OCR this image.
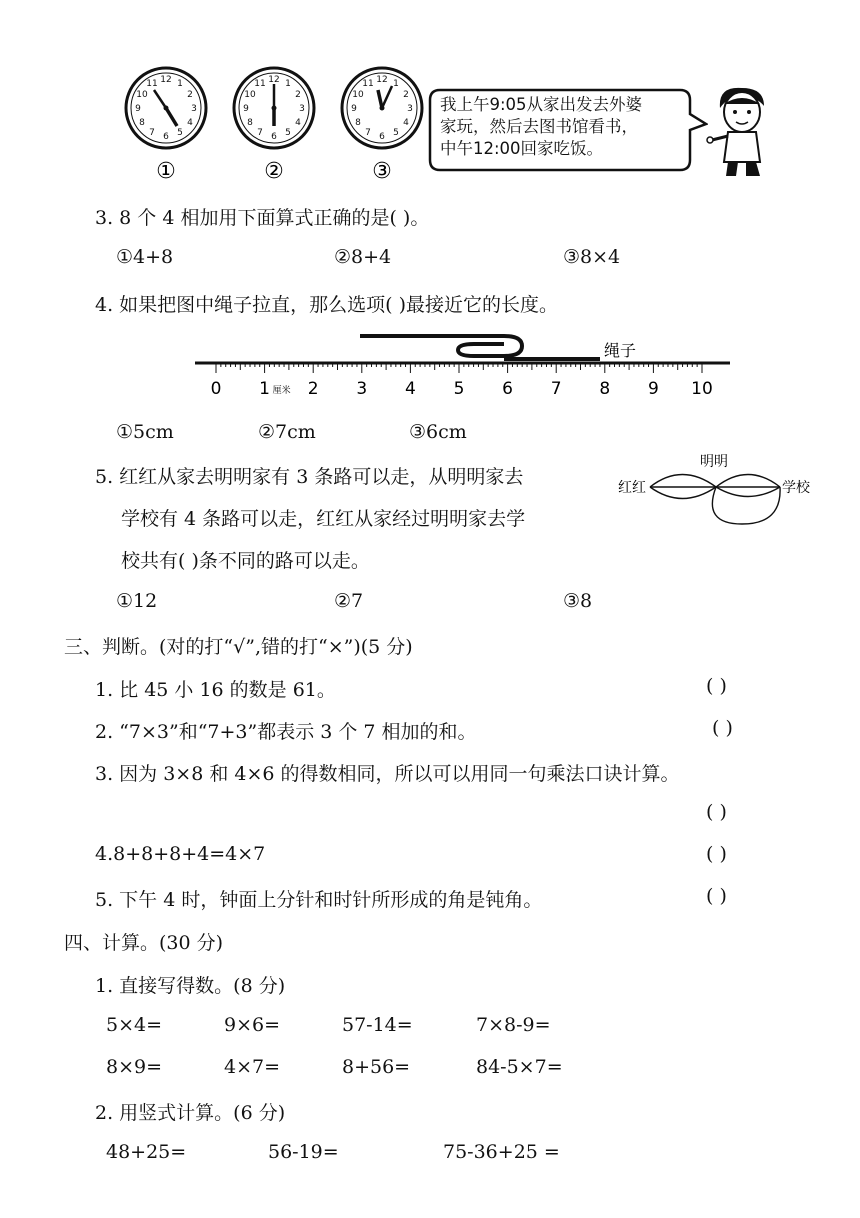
12 1
2
3
4
5
6
7
8
9
10
11	12 1
2
3
4
5
6
7
8
9
10
11	12 1
2
3
4
5
6
7
8
9
10
11
①	②	③
我上午9:05从家出发去外婆
家玩，然后去图书馆看书，
中午12:00回家吃饭。
3. 8 个 4 相加用下面算式正确的是( )。
①4+8	②8+4	③8×4
4. 如果把图中绳子拉直，那么选项( )最接近它的长度。
绳子
0 1 2 3 4 5 6 7 8 9 10
厘米
①5cm	②7cm	③6cm
5. 红红从家去明明家有 3 条路可以走，从明明家去
学校有 4 条路可以走，红红从家经过明明家去学
校共有( )条不同的路可以走。
红红
明明
学校
①12	②7	③8
三、判断。(对的打“√”,错的打“×”)(5 分)
1. 比 45 小 16 的数是 61。	( )
2. “7×3”和“7+3”都表示 3 个 7 相加的和。	( )
3. 因为 3×8 和 4×6 的得数相同，所以可以用同一句乘法口诀计算。
( )
4.8+8+8+4=4×7	( )
5. 下午 4 时，钟面上分针和时针所形成的角是钝角。	( )
四、计算。(30 分)
1. 直接写得数。(8 分)
5×4=	9×6=	57-14=	7×8-9=
8×9=	4×7=	8+56=	84-5×7=
2. 用竖式计算。(6 分)
48+25=	56-19=	75-36+25 =
